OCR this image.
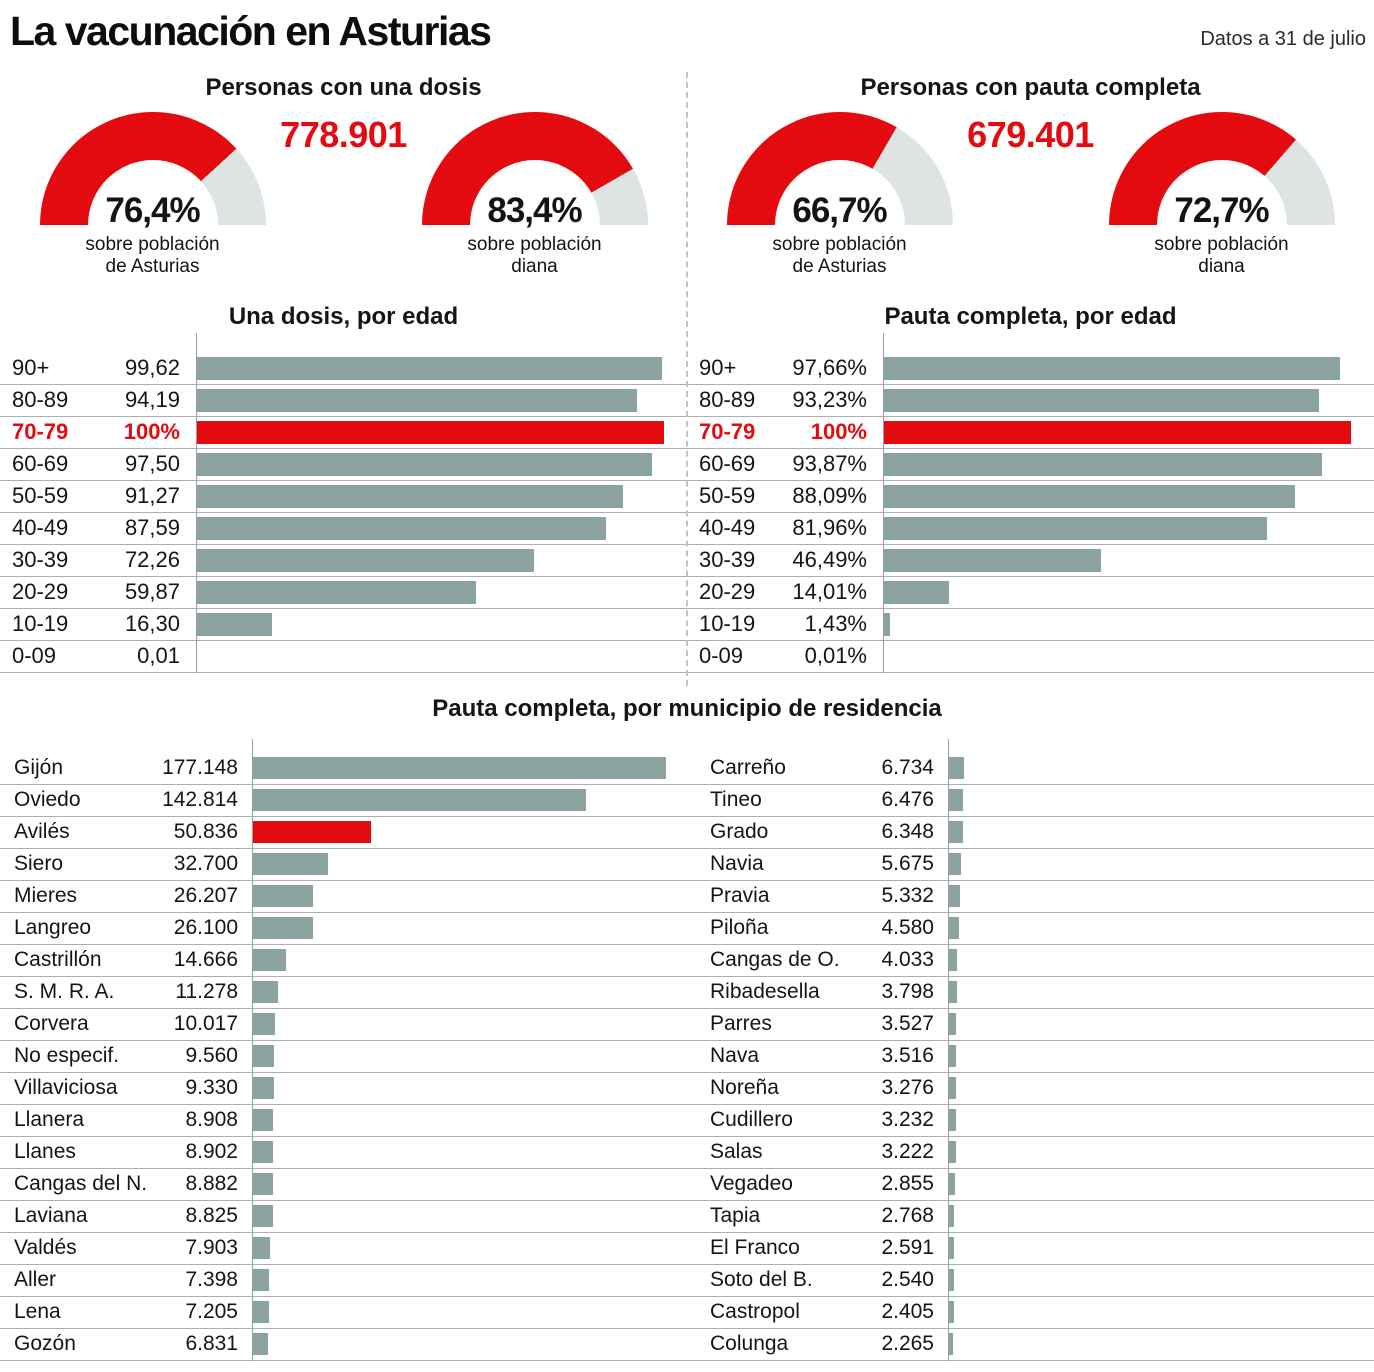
La vacunación en Asturias	Datos a 31 de julio
Personas con una dosis
76,4%
sobre población
de Asturias
778.901
83,4%
sobre población
diana
Una dosis, por edad
90+	99,62
80-89	94,19
70-79	100%
60-69	97,50
50-59	91,27
40-49	87,59
30-39	72,26
20-29	59,87
10-19	16,30
0-09	0,01
Personas con pauta completa
66,7%
sobre población
de Asturias
679.401
72,7%
sobre población
diana
Pauta completa, por edad
90+	97,66%
80-89	93,23%
70-79	100%
60-69	93,87%
50-59	88,09%
40-49	81,96%
30-39	46,49%
20-29	14,01%
10-19	1,43%
0-09	0,01%
Pauta completa, por municipio de residencia
Gijón	177.148
Oviedo	142.814
Avilés	50.836
Siero	32.700
Mieres	26.207
Langreo	26.100
Castrillón	14.666
S. M. R. A.	11.278
Corvera	10.017
No especif.	9.560
Villaviciosa	9.330
Llanera	8.908
Llanes	8.902
Cangas del N.	8.882
Laviana	8.825
Valdés	7.903
Aller	7.398
Lena	7.205
Gozón	6.831
Carreño	6.734
Tineo	6.476
Grado	6.348
Navia	5.675
Pravia	5.332
Piloña	4.580
Cangas de O.	4.033
Ribadesella	3.798
Parres	3.527
Nava	3.516
Noreña	3.276
Cudillero	3.232
Salas	3.222
Vegadeo	2.855
Tapia	2.768
El Franco	2.591
Soto del B.	2.540
Castropol	2.405
Colunga	2.265
